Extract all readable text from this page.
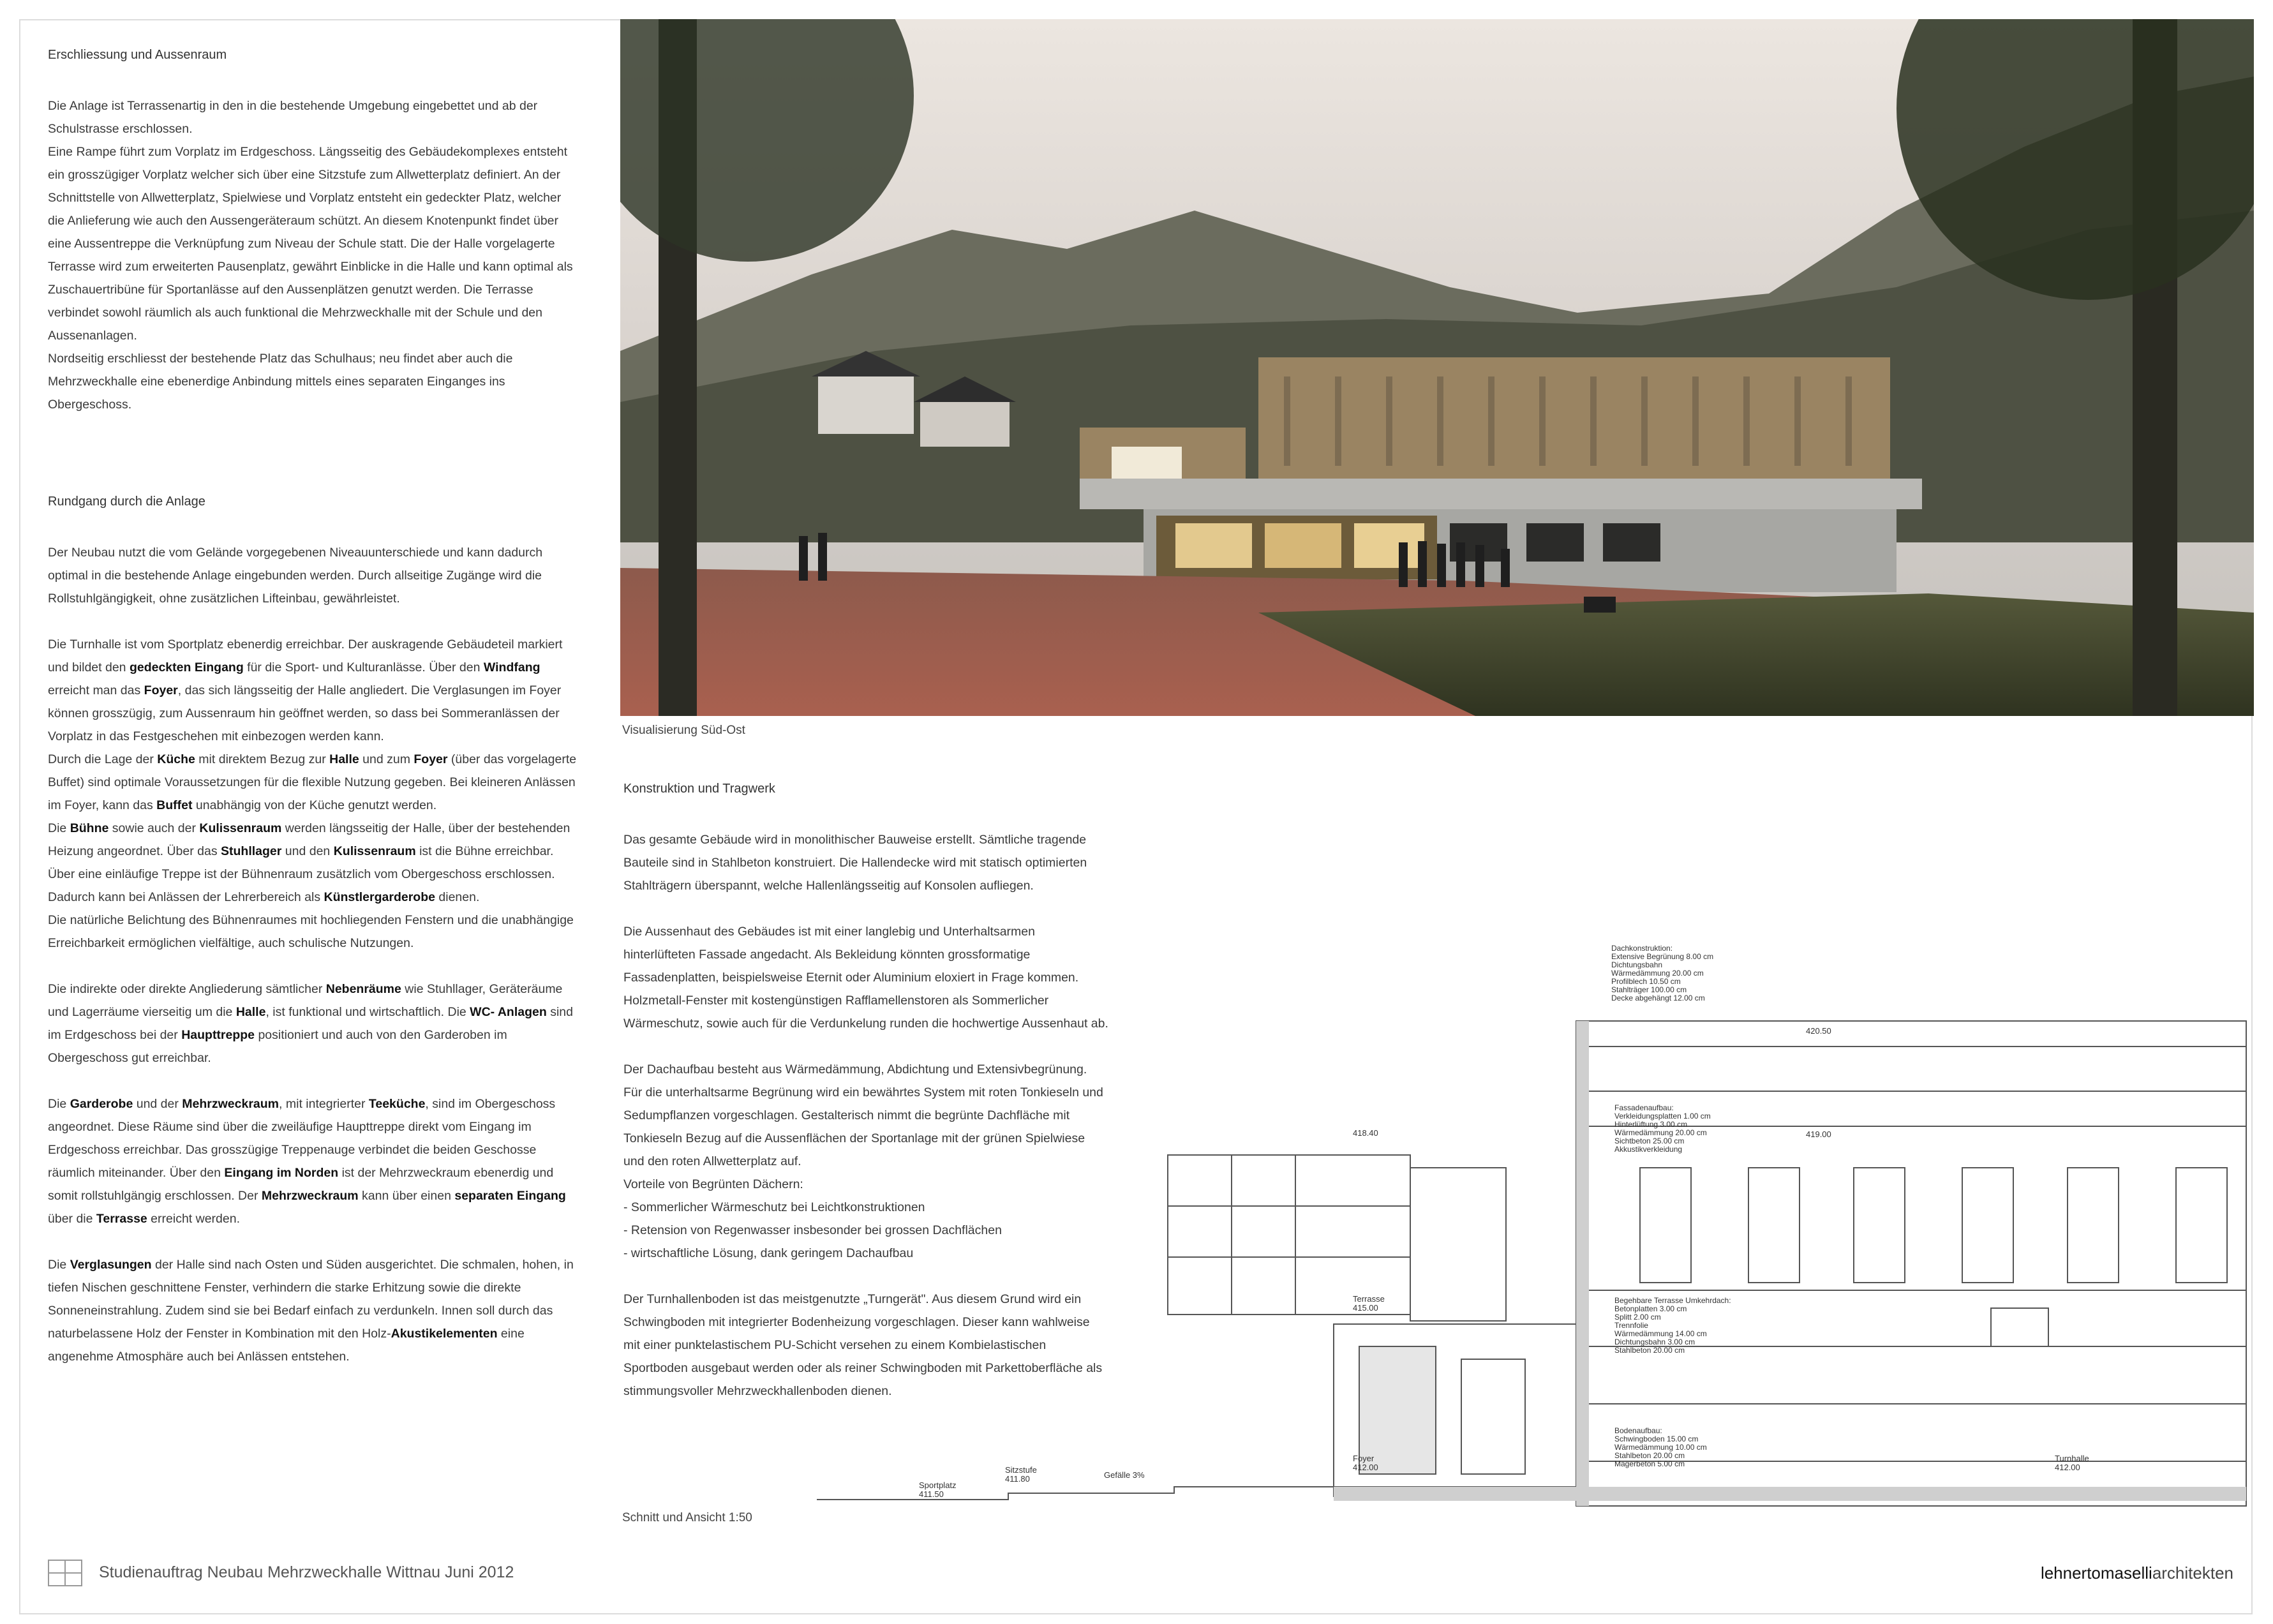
Erschliessung und Aussenraum

Die Anlage ist Terrassenartig in den in die bestehende Umgebung eingebettet und ab der Schulstrasse erschlossen.
Eine Rampe führt zum Vorplatz im Erdgeschoss. Längsseitig des Gebäudekomplexes entsteht ein grosszügiger Vorplatz welcher sich über eine Sitzstufe zum Allwetterplatz definiert. An der Schnittstelle von Allwetterplatz, Spielwiese und Vorplatz entsteht ein gedeckter Platz, welcher die Anlieferung wie auch den Aussengeräteraum schützt. An diesem Knotenpunkt findet über eine Aussentreppe die Verknüpfung zum Niveau der Schule statt. Die der Halle vorgelagerte Terrasse wird zum erweiterten Pausenplatz, gewährt Einblicke in die Halle und kann optimal als Zuschauertribüne für Sportanlässe auf den Aussenplätzen genutzt werden. Die Terrasse verbindet sowohl räumlich als auch funktional die Mehrzweckhalle mit der Schule und den Aussenanlagen.
Nordseitig erschliesst der bestehende Platz das Schulhaus; neu findet aber auch die Mehrzweckhalle eine ebenerdige Anbindung mittels eines separaten Einganges ins Obergeschoss.

Rundgang durch die Anlage

Der Neubau nutzt die vom Gelände vorgegebenen Niveauunterschiede und kann dadurch optimal in die bestehende Anlage eingebunden werden. Durch allseitige Zugänge wird die Rollstuhlgängigkeit, ohne zusätzlichen Lifteinbau, gewährleistet.

Die Turnhalle ist vom Sportplatz ebenerdig erreichbar. Der auskragende Gebäudeteil markiert und bildet den gedeckten Eingang für die Sport- und Kulturanlässe. Über den Windfang erreicht man das Foyer, das sich längsseitig der Halle angliedert. Die Verglasungen im Foyer können grosszügig, zum Aussenraum hin geöffnet werden, so dass bei Sommeranlässen der Vorplatz in das Festgeschehen mit einbezogen werden kann.
Durch die Lage der Küche mit direktem Bezug zur Halle und zum Foyer (über das vorgelagerte Buffet) sind optimale Voraussetzungen für die flexible Nutzung gegeben. Bei kleineren Anlässen im Foyer, kann das Buffet unabhängig von der Küche genutzt werden.
Die Bühne sowie auch der Kulissenraum werden längsseitig der Halle, über der bestehenden Heizung angeordnet. Über das Stuhllager und den Kulissenraum ist die Bühne erreichbar. Über eine einläufige Treppe ist der Bühnenraum zusätzlich vom Obergeschoss erschlossen. Dadurch kann bei Anlässen der Lehrerbereich als Künstlergarderobe dienen.
Die natürliche Belichtung des Bühnenraumes mit hochliegenden Fenstern und die unabhängige Erreichbarkeit ermöglichen vielfältige, auch schulische Nutzungen.

Die indirekte oder direkte Angliederung sämtlicher Nebenräume wie Stuhllager, Geräteräume und Lagerräume vierseitig um die Halle, ist funktional und wirtschaftlich. Die WC- Anlagen sind im Erdgeschoss bei der Haupttreppe positioniert und auch von den Garderoben im Obergeschoss gut erreichbar.

Die Garderobe und der Mehrzweckraum, mit integrierter Teeküche, sind im Obergeschoss angeordnet. Diese Räume sind über die zweiläufige Haupttreppe direkt vom Eingang im Erdgeschoss erreichbar. Das grosszügige Treppenauge verbindet die beiden Geschosse räumlich miteinander. Über den Eingang im Norden ist der Mehrzweckraum ebenerdig und somit rollstuhlgängig erschlossen. Der Mehrzweckraum kann über einen separaten Eingang über die Terrasse erreicht werden.

Die Verglasungen der Halle sind nach Osten und Süden ausgerichtet. Die schmalen, hohen, in tiefen Nischen geschnittene Fenster, verhindern die starke Erhitzung sowie die direkte Sonneneinstrahlung. Zudem sind sie bei Bedarf einfach zu verdunkeln. Innen soll durch das naturbelassene Holz der Fenster in Kombination mit den Holz-Akustikelementen eine angenehme Atmosphäre auch bei Anlässen entstehen.

Visualisierung Süd-Ost
Konstruktion und Tragwerk

Das gesamte Gebäude wird in monolithischer Bauweise erstellt. Sämtliche tragende Bauteile sind in Stahlbeton konstruiert. Die Hallendecke wird mit statisch optimierten Stahlträgern überspannt, welche Hallenlängsseitig auf Konsolen aufliegen.

Die Aussenhaut des Gebäudes ist mit einer langlebig und Unterhaltsarmen hinterlüfteten Fassade angedacht. Als Bekleidung könnten grossformatige Fassadenplatten, beispielsweise Eternit oder Aluminium eloxiert in Frage kommen. Holzmetall-Fenster mit kostengünstigen Rafflamellenstoren als Sommerlicher Wärmeschutz, sowie auch für die Verdunkelung runden die hochwertige Aussenhaut ab.

Der Dachaufbau besteht aus Wärmedämmung, Abdichtung und Extensivbegrünung. Für die unterhaltsarme Begrünung wird ein bewährtes System mit roten Tonkieseln und Sedumpflanzen vorgeschlagen. Gestalterisch nimmt die begrünte Dachfläche mit Tonkieseln Bezug auf die Aussenflächen der Sportanlage mit der grünen Spielwiese und den roten Allwetterplatz auf.
Vorteile von Begrünten Dächern:
- Sommerlicher Wärmeschutz bei Leichtkonstruktionen
- Retension von Regenwasser insbesonder bei grossen Dachflächen
- wirtschaftliche Lösung, dank geringem Dachaufbau

Der Turnhallenboden ist das meistgenutzte „Turngerät". Aus diesem Grund wird ein Schwingboden mit integrierter Bodenheizung vorgeschlagen. Dieser kann wahlweise mit einer punktelastischem PU-Schicht versehen zu einem Kombielastischen Sportboden ausgebaut werden oder als reiner Schwingboden mit Parkettoberfläche als stimmungsvoller Mehrzweckhallenboden dienen.

420.50
419.00
418.40
Terrasse
415.00
Foyer
412.00
Turnhalle
412.00
Sportplatz
411.50
Sitzstufe
411.80	Gefälle 3%
Dachkonstruktion:
Extensive Begrünung 8.00 cm
Dichtungsbahn
Wärmedämmung 20.00 cm
Profilblech 10.50 cm
Stahlträger 100.00 cm
Decke abgehängt 12.00 cm
Fassadenaufbau:
Verkleidungsplatten 1.00 cm
Hinterlüftung 3.00 cm
Wärmedämmung 20.00 cm
Sichtbeton 25.00 cm
Akkustikverkleidung
Begehbare Terrasse Umkehrdach:
Betonplatten 3.00 cm
Splitt 2.00 cm
Trennfolie
Wärmedämmung 14.00 cm
Dichtungsbahn 3.00 cm
Stahlbeton 20.00 cm
Bodenaufbau:
Schwingboden 15.00 cm
Wärmedämmung 10.00 cm
Stahlbeton 20.00 cm
Magerbeton 5.00 cm
Schnitt und Ansicht 1:50
Studienauftrag Neubau Mehrzweckhalle Wittnau Juni 2012	lehnertomaselliarchitekten
